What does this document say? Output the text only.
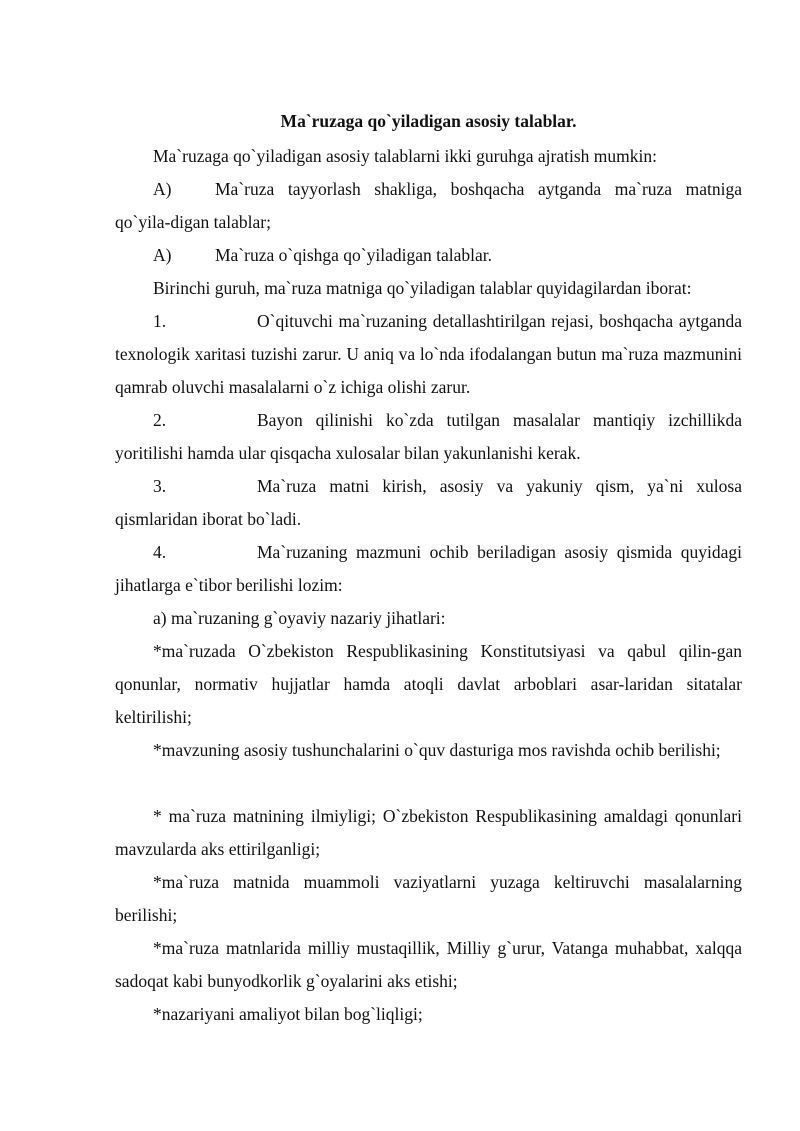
Ma`ruzaga qo`yiladigan asosiy talablar.

Ma`ruzaga qo`yiladigan asosiy talablarni ikki guruhga ajratish mumkin:

A) Ma`ruza tayyorlash shakliga, boshqacha aytganda ma`ruza matniga qo`yila-digan talablar;

A) Ma`ruza o`qishga qo`yiladigan talablar.

Birinchi guruh, ma`ruza matniga qo`yiladigan talablar quyidagilardan iborat:

1.	O`qituvchi ma`ruzaning detallashtirilgan rejasi, boshqacha aytganda texnologik xaritasi tuzishi zarur. U aniq va lo`nda ifodalangan butun ma`ruza mazmunini qamrab oluvchi masalalarni o`z ichiga olishi zarur.

2.	Bayon qilinishi ko`zda tutilgan masalalar mantiqiy izchillikda yoritilishi hamda ular qisqacha xulosalar bilan yakunlanishi kerak.

3.	Ma`ruza matni kirish, asosiy va yakuniy qism, ya`ni xulosa qismlaridan iborat bo`ladi.

4.	Ma`ruzaning mazmuni ochib beriladigan asosiy qismida quyidagi jihatlarga e`tibor berilishi lozim:

a) ma`ruzaning g`oyaviy nazariy jihatlari:

*ma`ruzada O`zbekiston Respublikasining Konstitutsiyasi va qabul qilin-gan qonunlar, normativ hujjatlar hamda atoqli davlat arboblari asar-laridan sitatalar keltirilishi;

*mavzuning asosiy tushunchalarini o`quv dasturiga mos ravishda ochib berilishi;

* ma`ruza matnining ilmiyligi; O`zbekiston Respublikasining amaldagi qonunlari mavzularda aks ettirilganligi;

*ma`ruza matnida muammoli vaziyatlarni yuzaga keltiruvchi masalalarning berilishi;

*ma`ruza matnlarida milliy mustaqillik, Milliy g`urur, Vatanga muhabbat, xalqqa sadoqat kabi bunyodkorlik g`oyalarini aks etishi;

*nazariyani amaliyot bilan bog`liqligi;
